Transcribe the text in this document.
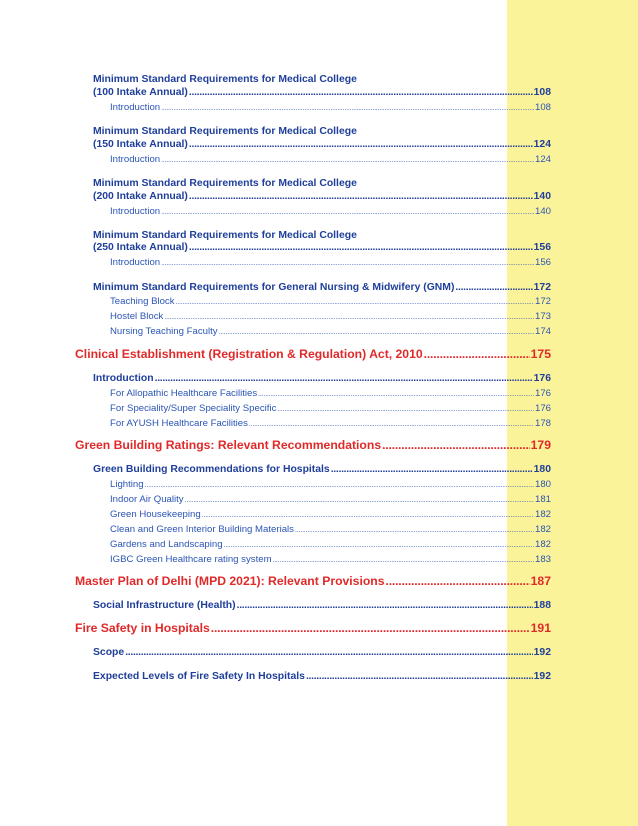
Minimum Standard Requirements for Medical College
(100 Intake Annual) .....	108
Introduction .....	108
Minimum Standard Requirements for Medical College
(150 Intake Annual) .....	124
Introduction .....	124
Minimum Standard Requirements for Medical College
(200 Intake Annual) .....	140
Introduction .....	140
Minimum Standard Requirements for Medical College
(250 Intake Annual) .....	156
Introduction .....	156
Minimum Standard Requirements for General Nursing & Midwifery (GNM) .....	172
Teaching Block .....	172
Hostel Block .....	173
Nursing Teaching Faculty .....	174
Clinical Establishment (Registration & Regulation) Act, 2010 .....	175
Introduction .....	176
For Allopathic Healthcare Facilities .....	176
For Speciality/Super Speciality Specific .....	176
For AYUSH Healthcare Facilities .....	178
Green Building Ratings: Relevant Recommendations .....	179
Green Building Recommendations for Hospitals .....	180
Lighting .....	180
Indoor Air Quality .....	181
Green Housekeeping .....	182
Clean and Green Interior Building Materials .....	182
Gardens and Landscaping .....	182
IGBC Green Healthcare rating system .....	183
Master Plan of Delhi (MPD 2021): Relevant Provisions .....	187
Social Infrastructure (Health) .....	188
Fire Safety in Hospitals .....	191
Scope .....	192
Expected Levels of Fire Safety In Hospitals .....	192
